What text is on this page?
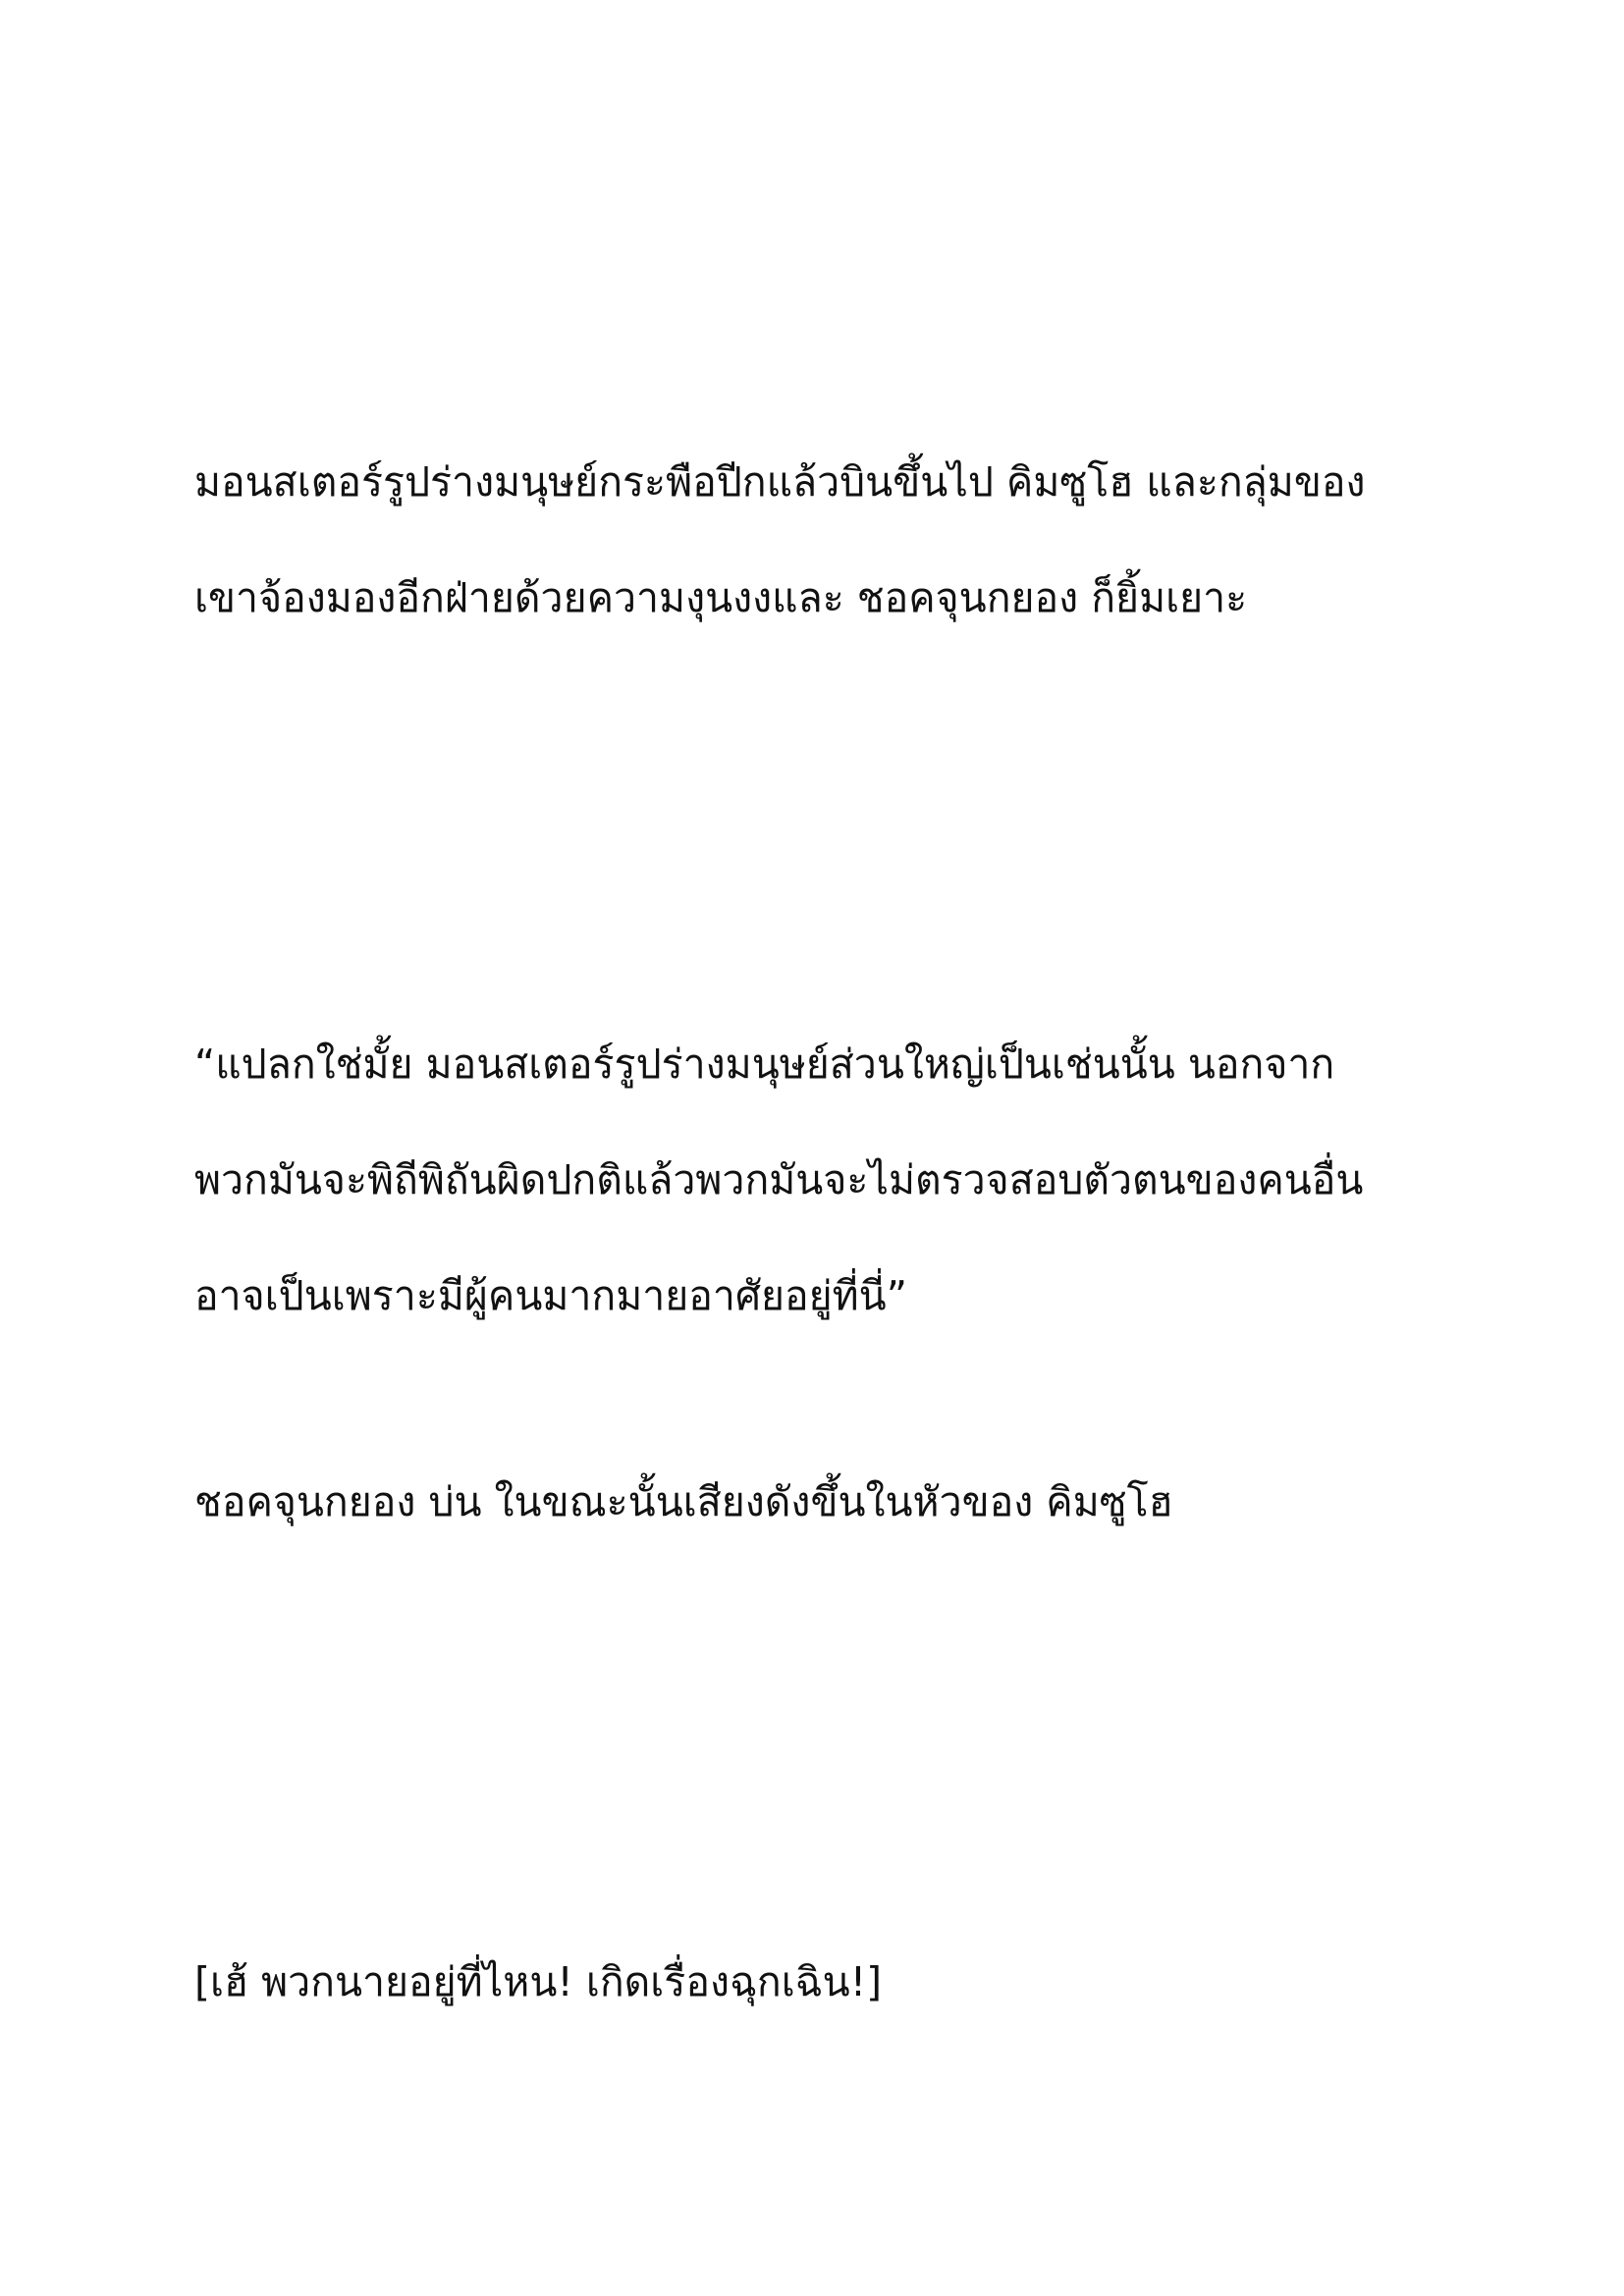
มอนสเตอร์รูปร่างมนุษย์กระพือปีกแล้วบินขึ้นไป คิมซูโฮ และกลุ่มของ
เขาจ้องมองอีกฝ่ายด้วยความงุนงงและ ชอคจุนกยอง ก็ยิ้มเยาะ
“แปลกใช่มั้ย มอนสเตอร์รูปร่างมนุษย์ส่วนใหญ่เป็นเช่นนั้น นอกจาก
พวกมันจะพิถีพิถันผิดปกติแล้วพวกมันจะไม่ตรวจสอบตัวตนของคนอื่น
อาจเป็นเพราะมีผู้คนมากมายอาศัยอยู่ที่นี่”
ชอคจุนกยอง บ่น ในขณะนั้นเสียงดังขึ้นในหัวของ คิมซูโฮ
[เฮ้ พวกนายอยู่ที่ไหน! เกิดเรื่องฉุกเฉิน!]
